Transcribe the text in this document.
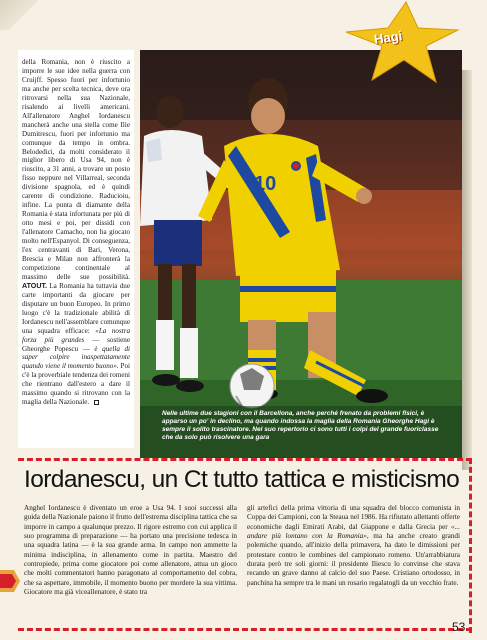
della Romania, non è riuscito a imporre le sue idee nella guerra con Cruijff. Spesso fuori per infortunio ma anche per scelta tecnica, deve ora ritrovarsi nella sua Nazionale, risalendo ai livelli americani. All'allenatore Anghel Iordanescu mancherà anche una stella come Ilie Dumitrescu, fuori per infortunio ma comunque da tempo in ombra. Belodedici, da molti considerato il miglior libero di Usa 94, non è riuscito, a 31 anni, a trovare un posto fisso neppure nel Villarreal, seconda divisione spagnola, ed è quindi carente di condizione. Raducioiu, infine. La punta di diamante della Romania è stata infortunata per più di otto mesi e poi, per dissidi con l'allenatore Camacho, non ha giocato molto nell'Espanyol. Di conseguenza, l'ex centravanti di Bari, Verona, Brescia e Milan non affronterà la competizione continentale al massimo delle sue possibilità. ATOUT. La Romania ha tuttavia due carte importanti da giocare per disputare un buon Europeo. In primo luogo c'è la tradizionale abilità di Iordanescu nell'assemblare comunque una squadra efficace: «La nostra forza più grandes — sostiene Gheorghe Popescu — è quella di saper colpire inaspettatamente quando viene il momento buono». Poi c'è la proverbiale tendenza dei romeni che rientrano dall'estero a dare il massimo quando si ritrovano con la maglia della Nazionale.
10
Nelle ultime due stagioni con il Barcellona, anche perché frenato da problemi fisici, è apparso un po' in declino, ma quando indossa la maglia della Romania Gheorghe Hagi è sempre il solito trascinatore. Nel suo repertorio ci sono tutti i colpi del grande fuoriclasse che da solo può risolvere una gara
Hagi
Iordanescu, un Ct tutto tattica e misticismo
Anghel Iordanescu è diventato un eroe a Usa 94. I suoi successi alla guida della Nazionale paiono il frutto dell'estrema disciplina tattica che sa imporre in campo a qualunque prezzo. Il rigore estremo con cui applica il suo programma di preparazione — ha portato una precisione tedesca in una squadra latina — è la sua grande arma. In campo non ammette la minima indisciplina, in allenamento come in partita. Maestro del contropiede, prima come giocatore poi come allenatore, attua un gioco che molti commentatori hanno paragonato al comportamento del cobra, che sa aspettare, immobile, il momento buono per mordere la sua vittima. Giocatore ma già viceallenatore, è stato tra
gli artefici della prima vittoria di una squadra del blocco comunista in Coppa dei Campioni, con la Steaua nel 1986. Ha rifiutato allettanti offerte economiche dagli Emirati Arabi, dal Giappone e dalla Grecia per «... andare più lontano con la Romania», ma ha anche creato grandi polemiche quando, all'inizio della primavera, ha dato le dimissioni per protestare contro le combines del campionato romeno. Un'arrabbiatura durata però tre soli giorni: il presidente Iliescu lo convinse che stava recando un grave danno al calcio del suo Paese. Cristiano ortodosso, in panchina ha sempre tra le mani un rosario regalatogli da un vecchio frate.
53
